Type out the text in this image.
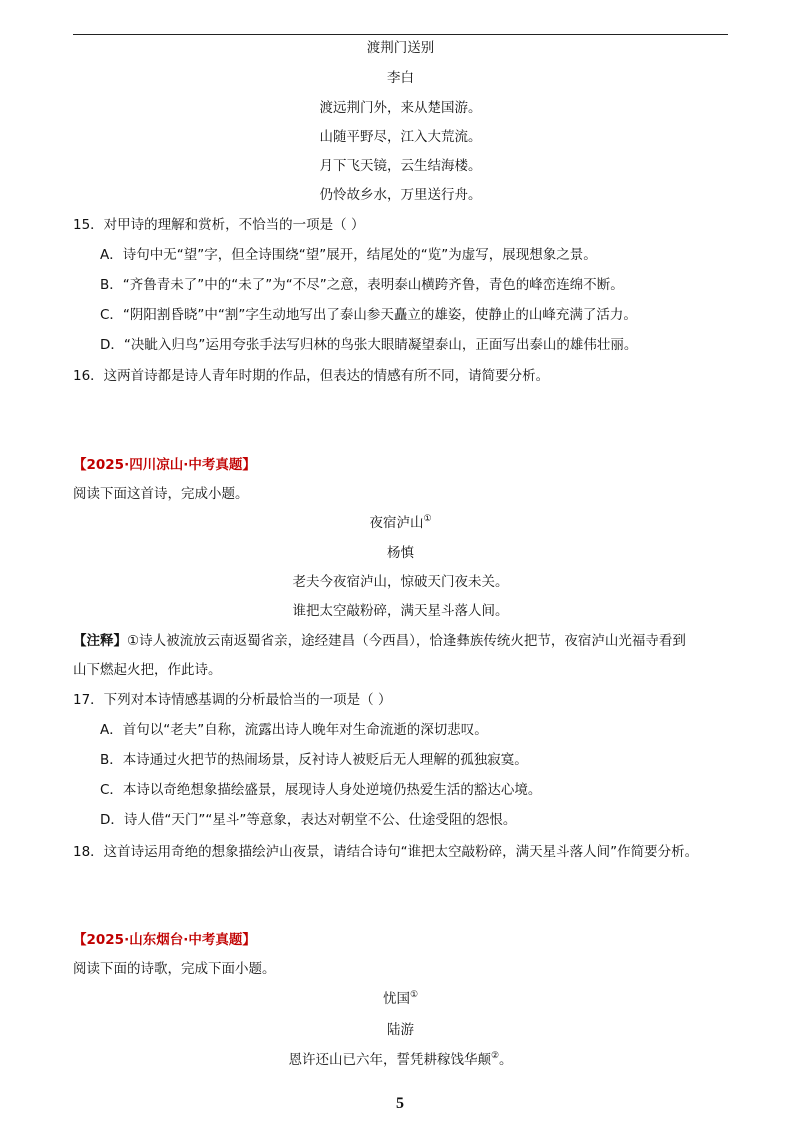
渡荆门送别
李白
渡远荆门外，来从楚国游。
山随平野尽，江入大荒流。
月下飞天镜，云生结海楼。
仍怜故乡水，万里送行舟。
15．对甲诗的理解和赏析，不恰当的一项是（ ）
A．诗句中无“望”字，但全诗围绕“望”展开，结尾处的“览”为虚写，展现想象之景。
B．“齐鲁青未了”中的“未了”为“不尽”之意，表明泰山横跨齐鲁，青色的峰峦连绵不断。
C．“阴阳割昏晓”中“割”字生动地写出了泰山参天矗立的雄姿，使静止的山峰充满了活力。
D．“决眦入归鸟”运用夸张手法写归林的鸟张大眼睛凝望泰山，正面写出泰山的雄伟壮丽。
16．这两首诗都是诗人青年时期的作品，但表达的情感有所不同，请简要分析。
【2025·四川凉山·中考真题】
阅读下面这首诗，完成小题。
夜宿泸山①
杨慎
老夫今夜宿泸山，惊破天门夜未关。
谁把太空敲粉碎，满天星斗落人间。
【注释】①诗人被流放云南返蜀省亲，途经建昌（今西昌），恰逢彝族传统火把节，夜宿泸山光福寺看到
山下燃起火把，作此诗。
17．下列对本诗情感基调的分析最恰当的一项是（ ）
A．首句以“老夫”自称，流露出诗人晚年对生命流逝的深切悲叹。
B．本诗通过火把节的热闹场景，反衬诗人被贬后无人理解的孤独寂寞。
C．本诗以奇绝想象描绘盛景，展现诗人身处逆境仍热爱生活的豁达心境。
D．诗人借“天门”“星斗”等意象，表达对朝堂不公、仕途受阻的怨恨。
18．这首诗运用奇绝的想象描绘泸山夜景，请结合诗句“谁把太空敲粉碎，满天星斗落人间”作简要分析。
【2025·山东烟台·中考真题】
阅读下面的诗歌，完成下面小题。
忧国①
陆游
恩许还山已六年，誓凭耕稼饯华颠②。
5
